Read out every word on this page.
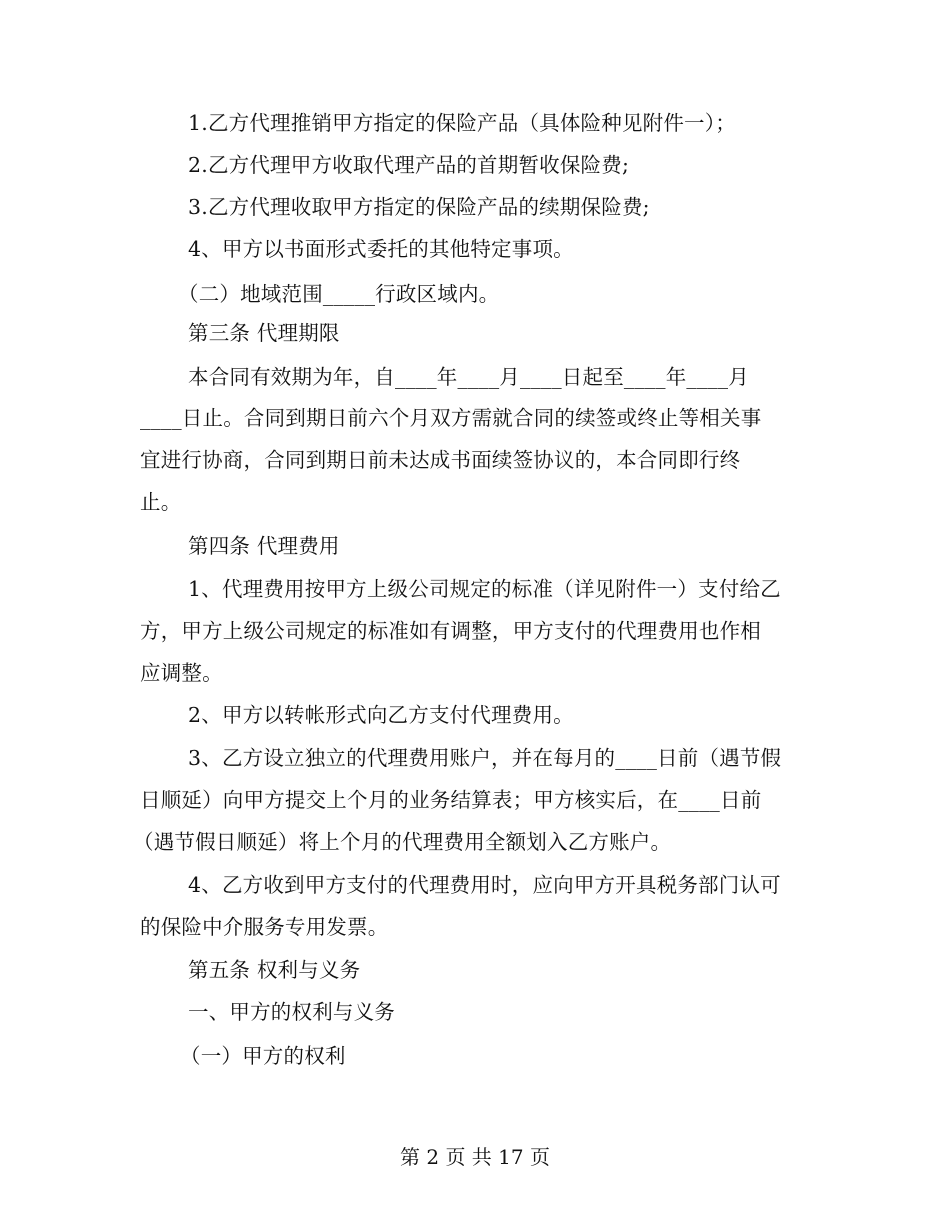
1.乙方代理推销甲方指定的保险产品（具体险种见附件一）；
2.乙方代理甲方收取代理产品的首期暂收保险费;
3.乙方代理收取甲方指定的保险产品的续期保险费;
4、甲方以书面形式委托的其他特定事项。
（二）地域范围_____行政区域内。
第三条 代理期限
本合同有效期为年，自____年____月____日起至____年____月
____日止。合同到期日前六个月双方需就合同的续签或终止等相关事
宜进行协商，合同到期日前未达成书面续签协议的，本合同即行终
止。
第四条 代理费用
1、代理费用按甲方上级公司规定的标准（详见附件一）支付给乙
方，甲方上级公司规定的标准如有调整，甲方支付的代理费用也作相
应调整。
2、甲方以转帐形式向乙方支付代理费用。
3、乙方设立独立的代理费用账户，并在每月的____日前（遇节假
日顺延）向甲方提交上个月的业务结算表；甲方核实后，在____日前
（遇节假日顺延）将上个月的代理费用全额划入乙方账户。
4、乙方收到甲方支付的代理费用时，应向甲方开具税务部门认可
的保险中介服务专用发票。
第五条 权利与义务
一、甲方的权利与义务
（一）甲方的权利
第 2 页 共 17 页
